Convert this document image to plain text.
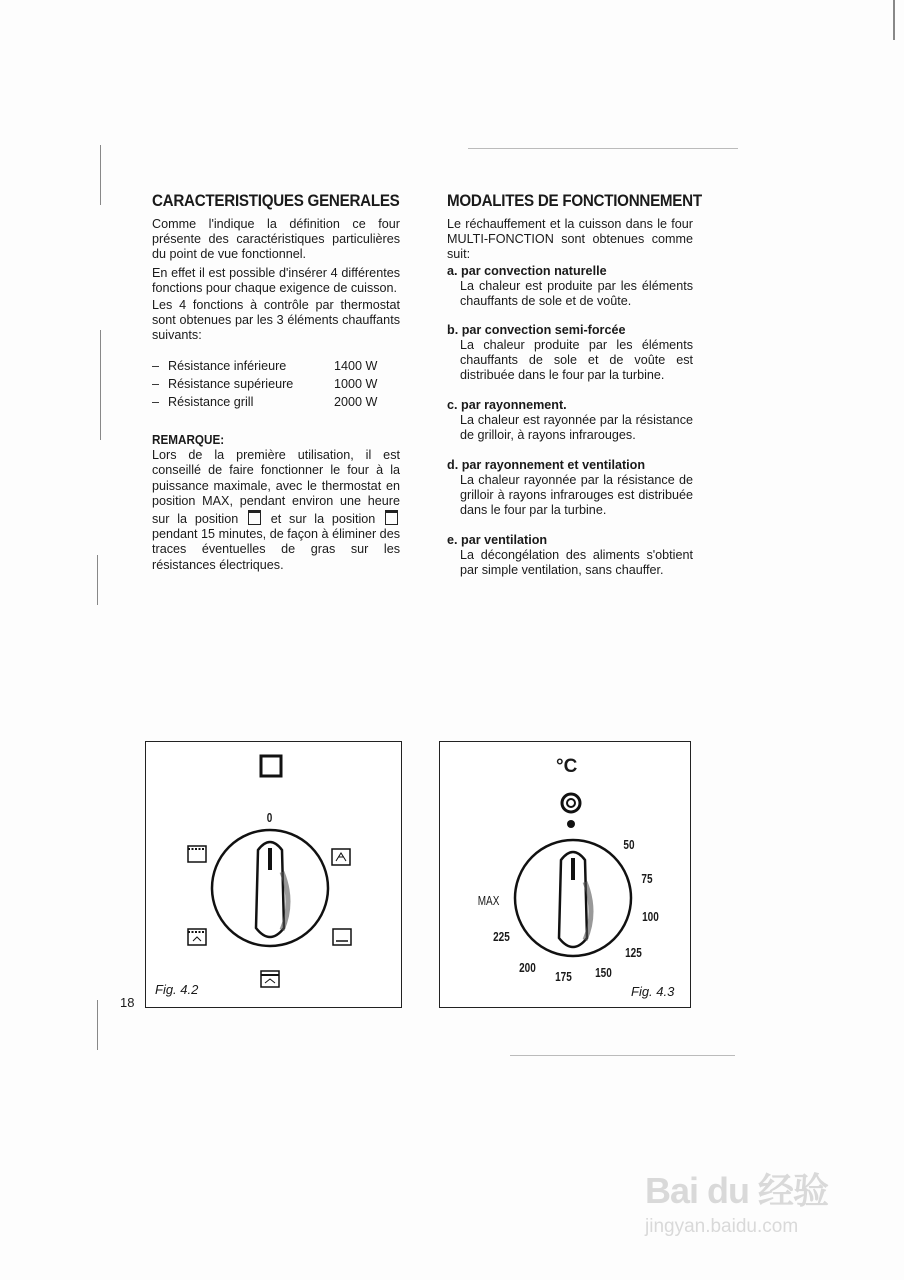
CARACTERISTIQUES GENERALES

Comme l'indique la définition ce four présente des caractéristiques particulières du point de vue fonctionnel.

En effet il est possible d'insérer 4 différentes fonctions pour chaque exigence de cuisson.

Les 4 fonctions à contrôle par thermostat sont obtenues par les 3 éléments chauffants suivants:

– Résistance inférieure	1400 W
– Résistance supérieure	1000 W
– Résistance grill	2000 W
REMARQUE:

Lors de la première utilisation, il est conseillé de faire fonctionner le four à la puissance maximale, avec le thermostat en position MAX, pendant environ une heure sur la position	et sur la position  pendant 15 minutes, de façon à éliminer des traces éventuelles de gras sur les résistances électriques.

MODALITES DE FONCTIONNEMENT

Le réchauffement et la cuisson dans le four MULTI-FONCTION sont obtenues comme suit:

a. par convection naturelle

La chaleur est produite par les éléments chauffants de sole et de voûte.

b. par convection semi-forcée

La chaleur produite par les éléments chauffants de sole et de voûte est distribuée dans le four par la turbine.

c. par rayonnement.

La chaleur est rayonnée par la résistance de grilloir, à rayons infrarouges.

d. par rayonnement et ventilation

La chaleur rayonnée par la résistance de grilloir à rayons infrarouges est distribuée dans le four par la turbine.

e. par ventilation

La décongélation des aliments s'obtient par simple ventilation, sans chauffer.

0
Fig. 4.2
18
°C
50
75
100
125
150
175
200
225
MAX
Fig. 4.3
Bai du 经验
jingyan.baidu.com
